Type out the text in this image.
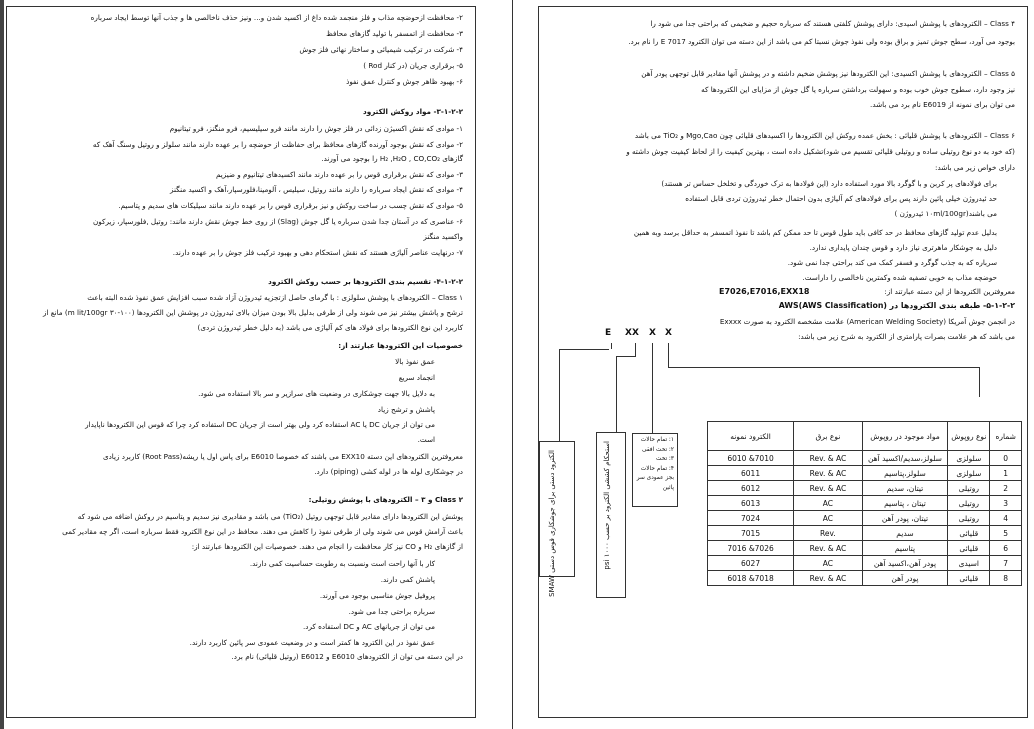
۲- محافظت ازحوضچه مذاب و فلز منجمد شده داغ از اکسید شدن و... ونیز حذف ناخالصی ها و جذب آنها توسط ایجاد سرباره
۳- محافظت از اتمسفر با تولید گازهای محافظ
۴- شرکت در ترکیب شیمیائی و ساختار نهائی فلز جوش
۵- برقراری جریان (در کنار Rod )
۶- بهبود ظاهر جوش و کنترل عمق نفوذ
۳-۱-۲-۲- مواد روکش الکترود
۱- موادی که نقش اکسیژن زدائی در فلز جوش را دارند مانند فرو سیلیسیم، فرو منگنز، فرو تیتانیوم
۲- موادی که نقش بوجود آورنده گازهای محافظ برای حفاظت از حوضچه را بر عهده دارند مانند سلولز و روتیل وسنگ آهک که
گازهای H₂ ,H₂O , CO,CO₂ را بوجود می آورند.
۳- موادی که نقش برقراری قوس را بر عهده دارند مانند اکسیدهای تیتانیوم و ضیزیم
۴- موادی که نقش ایجاد سرباره را دارند مانند روتیل، سیلیس ، آلومینا،فلورسپار،آهک و اکسید منگنز
۵- موادی که نقش چسب در ساخت روکش و نیز برقراری قوس را بر عهده دارند مانند سیلیکات های سدیم و پتاسیم.
۶- عناصری که در آستان جدا شدن سرباره یا گل جوش (Slag) از روی خط جوش نقش دارند مانند: روتیل ,فلورسپار، زیرکون
واکسید منگنز
۷- درنهایت عناصر آلیاژی هستند که نقش استحکام دهی و بهبود ترکیب فلز جوش را بر عهده دارند.
۴-۱-۲-۲- تقسیم بندی الکترودها بر حسب روکش الکترود
Class ۱ – الکترودهای با پوشش سلولزی : با گرمای حاصل ازتجزیه ئیدروژن آزاد شده سبب افزایش عمق نفوذ شده البته باعث
ترشح و پاشش بیشتر نیز می شوند ولی از طرفی بدلیل بالا بودن میزان بالای ئیدروژن در پوشش این الکترودها (۱۰۰-۳۰ m lit/100gr) مانع از
کاربرد این نوع الکترودها برای فولاد های کم آلیاژی می باشد (به دلیل خطر ئیدروژن تردی)
خصوصیات این الکترودها عبارتند از:
عمق نفوذ بالا
انجماد سریع
به دلایل بالا جهت جوشکاری در وضعیت های سرازیر و سر بالا استفاده می شود.
پاشش و ترشح زیاد
می توان از جریان DC یا AC استفاده کرد ولی بهتر است از جریان DC استفاده کرد چرا که قوس این الکترودها ناپایدار
است.
معروفترین الکترودهای این دسته EXX10 می باشند که خصوصا E6010 برای پاس اول یا ریشه(Root Pass) کاربرد زیادی
در جوشکاری لوله ها در لوله کشی (piping) دارد.
Class ۲ و ۳ – الکترودهای با پوشش روتیلی:
پوشش این الکترودها دارای مقادیر قابل توجهی روتیل (TiO₂) می باشد و مقادیری نیز سدیم و پتاسیم در روکش اضافه می شود که
باعث آرامش قوس می شوند ولی از طرفی نفوذ را کاهش می دهند. محافظ در این نوع الکترود فقط سرباره است، اگر چه مقادیر کمی
از گازهای H₂ و CO نیز کار محافظت را انجام می دهند. خصوصیات این الکترودها عبارتند از:
کار با آنها راحت است ونسبت به رطوبت حساسیت کمی دارند.
پاشش کمی دارند.
پروفیل جوش مناسبی بوجود می آورند.
سرباره براحتی جدا می شود.
می توان از جریانهای AC و DC استفاده کرد.
عمق نفوذ در این الکترود ها کمتر است و در وضعیت عمودی سر پائین کاربرد دارند.
در این دسته می توان از الکترودهای E6010 و E6012 (روتیل قلیائی) نام برد.
Class ۴ – الکترودهای با پوشش اسیدی: دارای پوشش کلفتی هستند که سرباره حجیم و ضخیمی که براحتی جدا می شود را
بوجود می آورد، سطح جوش تمیز و براق بوده ولی نفوذ جوش نسبتا کم می باشد از این دسته می توان الکترود E 7017 را نام برد.
Class ۵ – الکترودهای با پوشش اکسیدی: این الکترودها نیز پوشش ضخیم داشته و در پوشش آنها مقادیر قابل توجهی پودر آهن
نیز وجود دارد، سطوح جوش خوب بوده و سهولت برداشتن سرباره یا گل جوش از مزایای این الکترودها که
می توان برای نمونه از E6019 نام برد می باشد.
Class ۶ – الکترودهای با پوشش قلیائی : بخش عمده روکش این الکترودها را اکسیدهای قلیائی چون Mgo,Cao و TiO₂ می باشد
(که خود به دو نوع روتیلی ساده و روتیلی قلیائی تقسیم می شود)تشکیل داده است ، بهترین کیفیت را از لحاظ کیفیت جوش داشته و
دارای خواص زیر می باشد:
برای فولادهای پر کربن و با گوگرد بالا مورد استفاده دارد (این فولادها به ترک خوردگی و تخلخل حساس تر هستند)
حد ئیدروژن خیلی پائین دارند پس برای فولادهای کم آلیاژی بدون احتمال خطر ئیدروژن تردی قابل استفاده
می باشند(۱۰ml/100gr ئیدروژن )
بدلیل عدم تولید گازهای محافظ در حد کافی باید طول قوس تا حد ممکن کم باشد تا نفوذ اتمسفر به حداقل برسد وبه همین
دلیل به جوشکار ماهرتری نیاز دارد و قوس چندان پایداری ندارد.
سرباره که به جذب گوگرد و فسفر کمک می کند براحتی جدا نمی شود.
حوضچه مذاب به خوبی تصفیه شده وکمترین ناخالصی را داراست.
معروفترین الکترودها از این دسته عبارتند از:
E7026,E7016,EXX18
۵-۱-۲-۲- طبقه بندی الکترودها در (AWS(AWS Classification
در انجمن جوش آمریکا (American Welding Society) علامت مشخصه الکترود به صورت Exxxx
می باشد که هر علامت بصرات پارامتری از الکترود به شرح زیر می باشد:
E XX X X
الکترود دستی برای جوشکاری قوس دستی SMAW	استحکام کششی الکترود بر حسب ۱۰۰۰ psi
۱: تمام حالات
۲: تخت افقی
۳: تخت
۴: تمام حالات
بجز عمودی سر
پائین
شماره	نوع روپوش	مواد موجود در روپوش	نوع برق	الکترود نمونه
0	سلولزی	سلولز،سدیم/اکسید آهن	Rev. & AC	6010 &7010
1	سلولزی	سلولز،پتاسیم	Rev. & AC	6011
2	روتیلی	تیتان، سدیم	Rev. & AC	6012
3	روتیلی	تیتان ، پتاسیم	AC	6013
4	روتیلی	تیتان، پودر آهن	AC	7024
5	قلیائی	سدیم	Rev.	7015
6	قلیائی	پتاسیم	Rev. & AC	7016 &7026
7	اسیدی	پودر آهن،اکسید آهن	AC	6027
8	قلیائی	پودر آهن	Rev. & AC	6018 &7018
